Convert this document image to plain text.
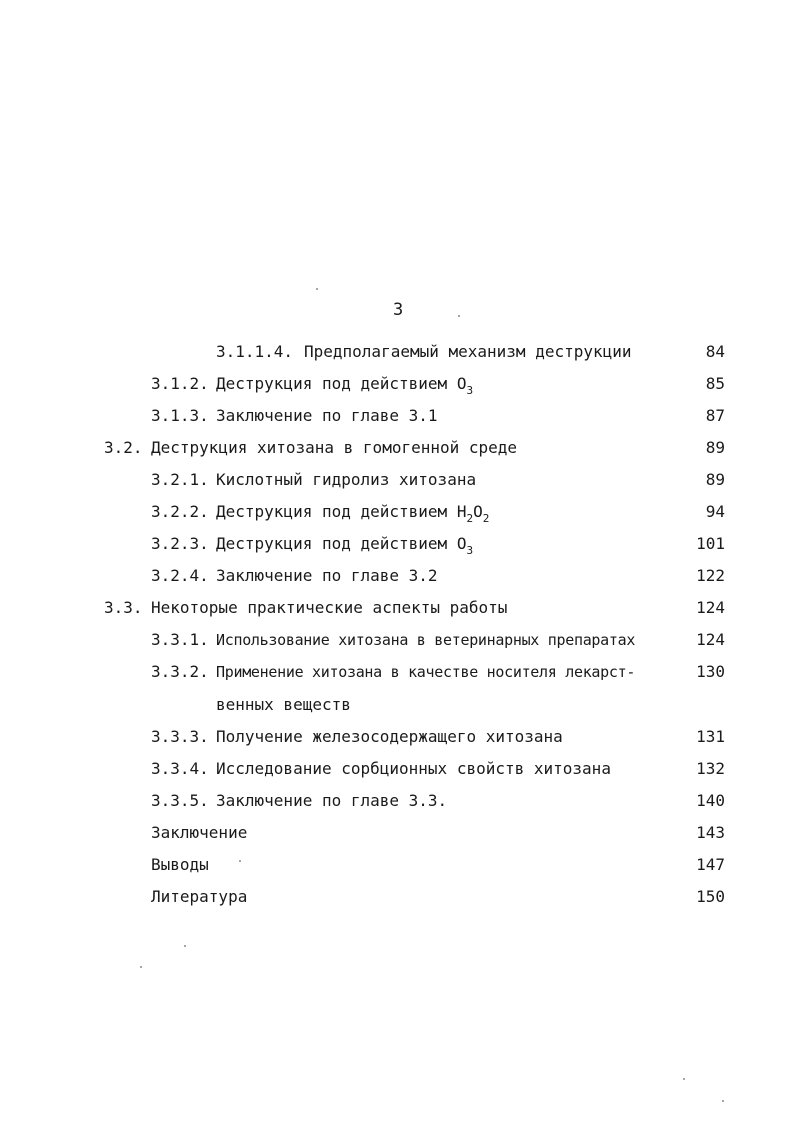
3
3.1.1.4. Предполагаемый механизм деструкции	84
3.1.2. Деструкция под действием $O_3$	85
3.1.3. Заключение по главе 3.1	87
3.2. Деструкция хитозана в гомогенной среде	89
3.2.1. Кислотный гидролиз хитозана	89
3.2.2. Деструкция под действием $H_2O_2$	94
3.2.3. Деструкция под действием $O_3$	101
3.2.4. Заключение по главе 3.2	122
3.3. Некоторые практические аспекты работы	124
3.3.1. Использование хитозана в ветеринарных препаратах	124
3.3.2. Применение хитозана в качестве носителя лекарст-	130
венных веществ
3.3.3. Получение железосодержащего хитозана	131
3.3.4. Исследование сорбционных свойств хитозана	132
3.3.5. Заключение по главе 3.3.	140
Заключение	143
Выводы	147
Литература	150
